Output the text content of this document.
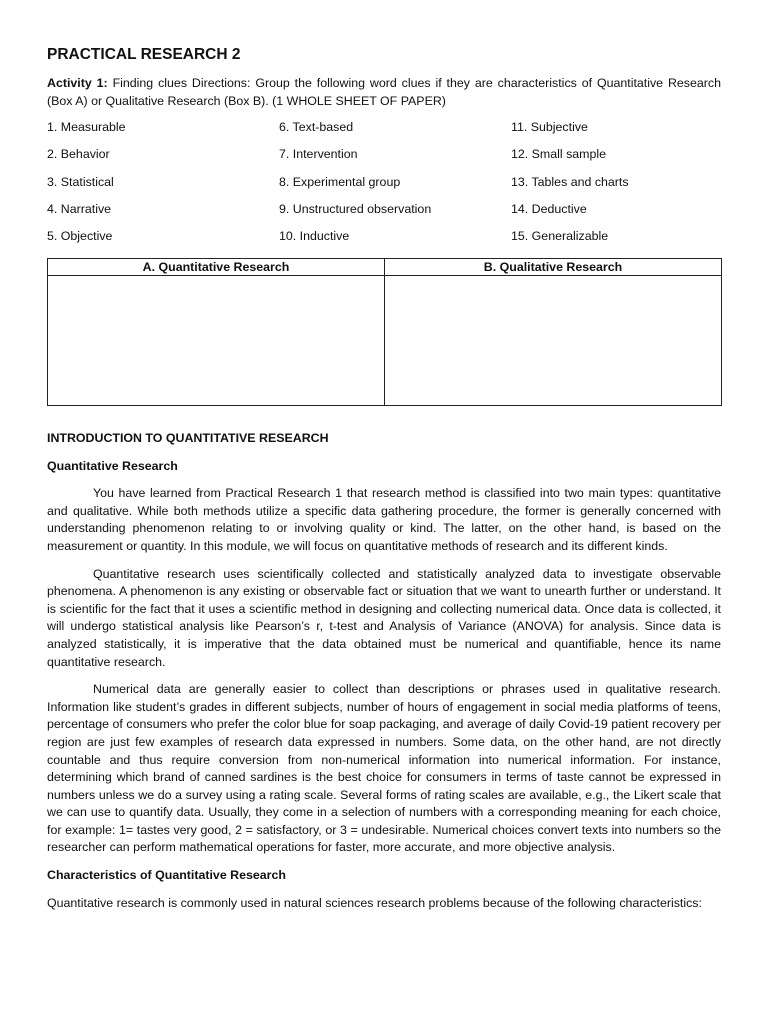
PRACTICAL RESEARCH 2
Activity 1: Finding clues Directions: Group the following word clues if they are characteristics of Quantitative Research (Box A) or Qualitative Research (Box B). (1 WHOLE SHEET OF PAPER)
1. Measurable
2. Behavior
3. Statistical
4. Narrative
5. Objective
6. Text-based
7. Intervention
8. Experimental group
9. Unstructured observation
10. Inductive
11. Subjective
12. Small sample
13. Tables and charts
14. Deductive
15. Generalizable
A. Quantitative Research	B. Qualitative Research

INTRODUCTION TO QUANTITATIVE RESEARCH
Quantitative Research
You have learned from Practical Research 1 that research method is classified into two main types: quantitative and qualitative. While both methods utilize a specific data gathering procedure, the former is generally concerned with understanding phenomenon relating to or involving quality or kind. The latter, on the other hand, is based on the measurement or quantity. In this module, we will focus on quantitative methods of research and its different kinds.
Quantitative research uses scientifically collected and statistically analyzed data to investigate observable phenomena. A phenomenon is any existing or observable fact or situation that we want to unearth further or understand. It is scientific for the fact that it uses a scientific method in designing and collecting numerical data. Once data is collected, it will undergo statistical analysis like Pearson’s r, t-test and Analysis of Variance (ANOVA) for analysis. Since data is analyzed statistically, it is imperative that the data obtained must be numerical and quantifiable, hence its name quantitative research.
Numerical data are generally easier to collect than descriptions or phrases used in qualitative research. Information like student’s grades in different subjects, number of hours of engagement in social media platforms of teens, percentage of consumers who prefer the color blue for soap packaging, and average of daily Covid-19 patient recovery per region are just few examples of research data expressed in numbers. Some data, on the other hand, are not directly countable and thus require conversion from non-numerical information into numerical information. For instance, determining which brand of canned sardines is the best choice for consumers in terms of taste cannot be expressed in numbers unless we do a survey using a rating scale. Several forms of rating scales are available, e.g., the Likert scale that we can use to quantify data. Usually, they come in a selection of numbers with a corresponding meaning for each choice, for example: 1= tastes very good, 2 = satisfactory, or 3 = undesirable. Numerical choices convert texts into numbers so the researcher can perform mathematical operations for faster, more accurate, and more objective analysis.
Characteristics of Quantitative Research
Quantitative research is commonly used in natural sciences research problems because of the following characteristics:
